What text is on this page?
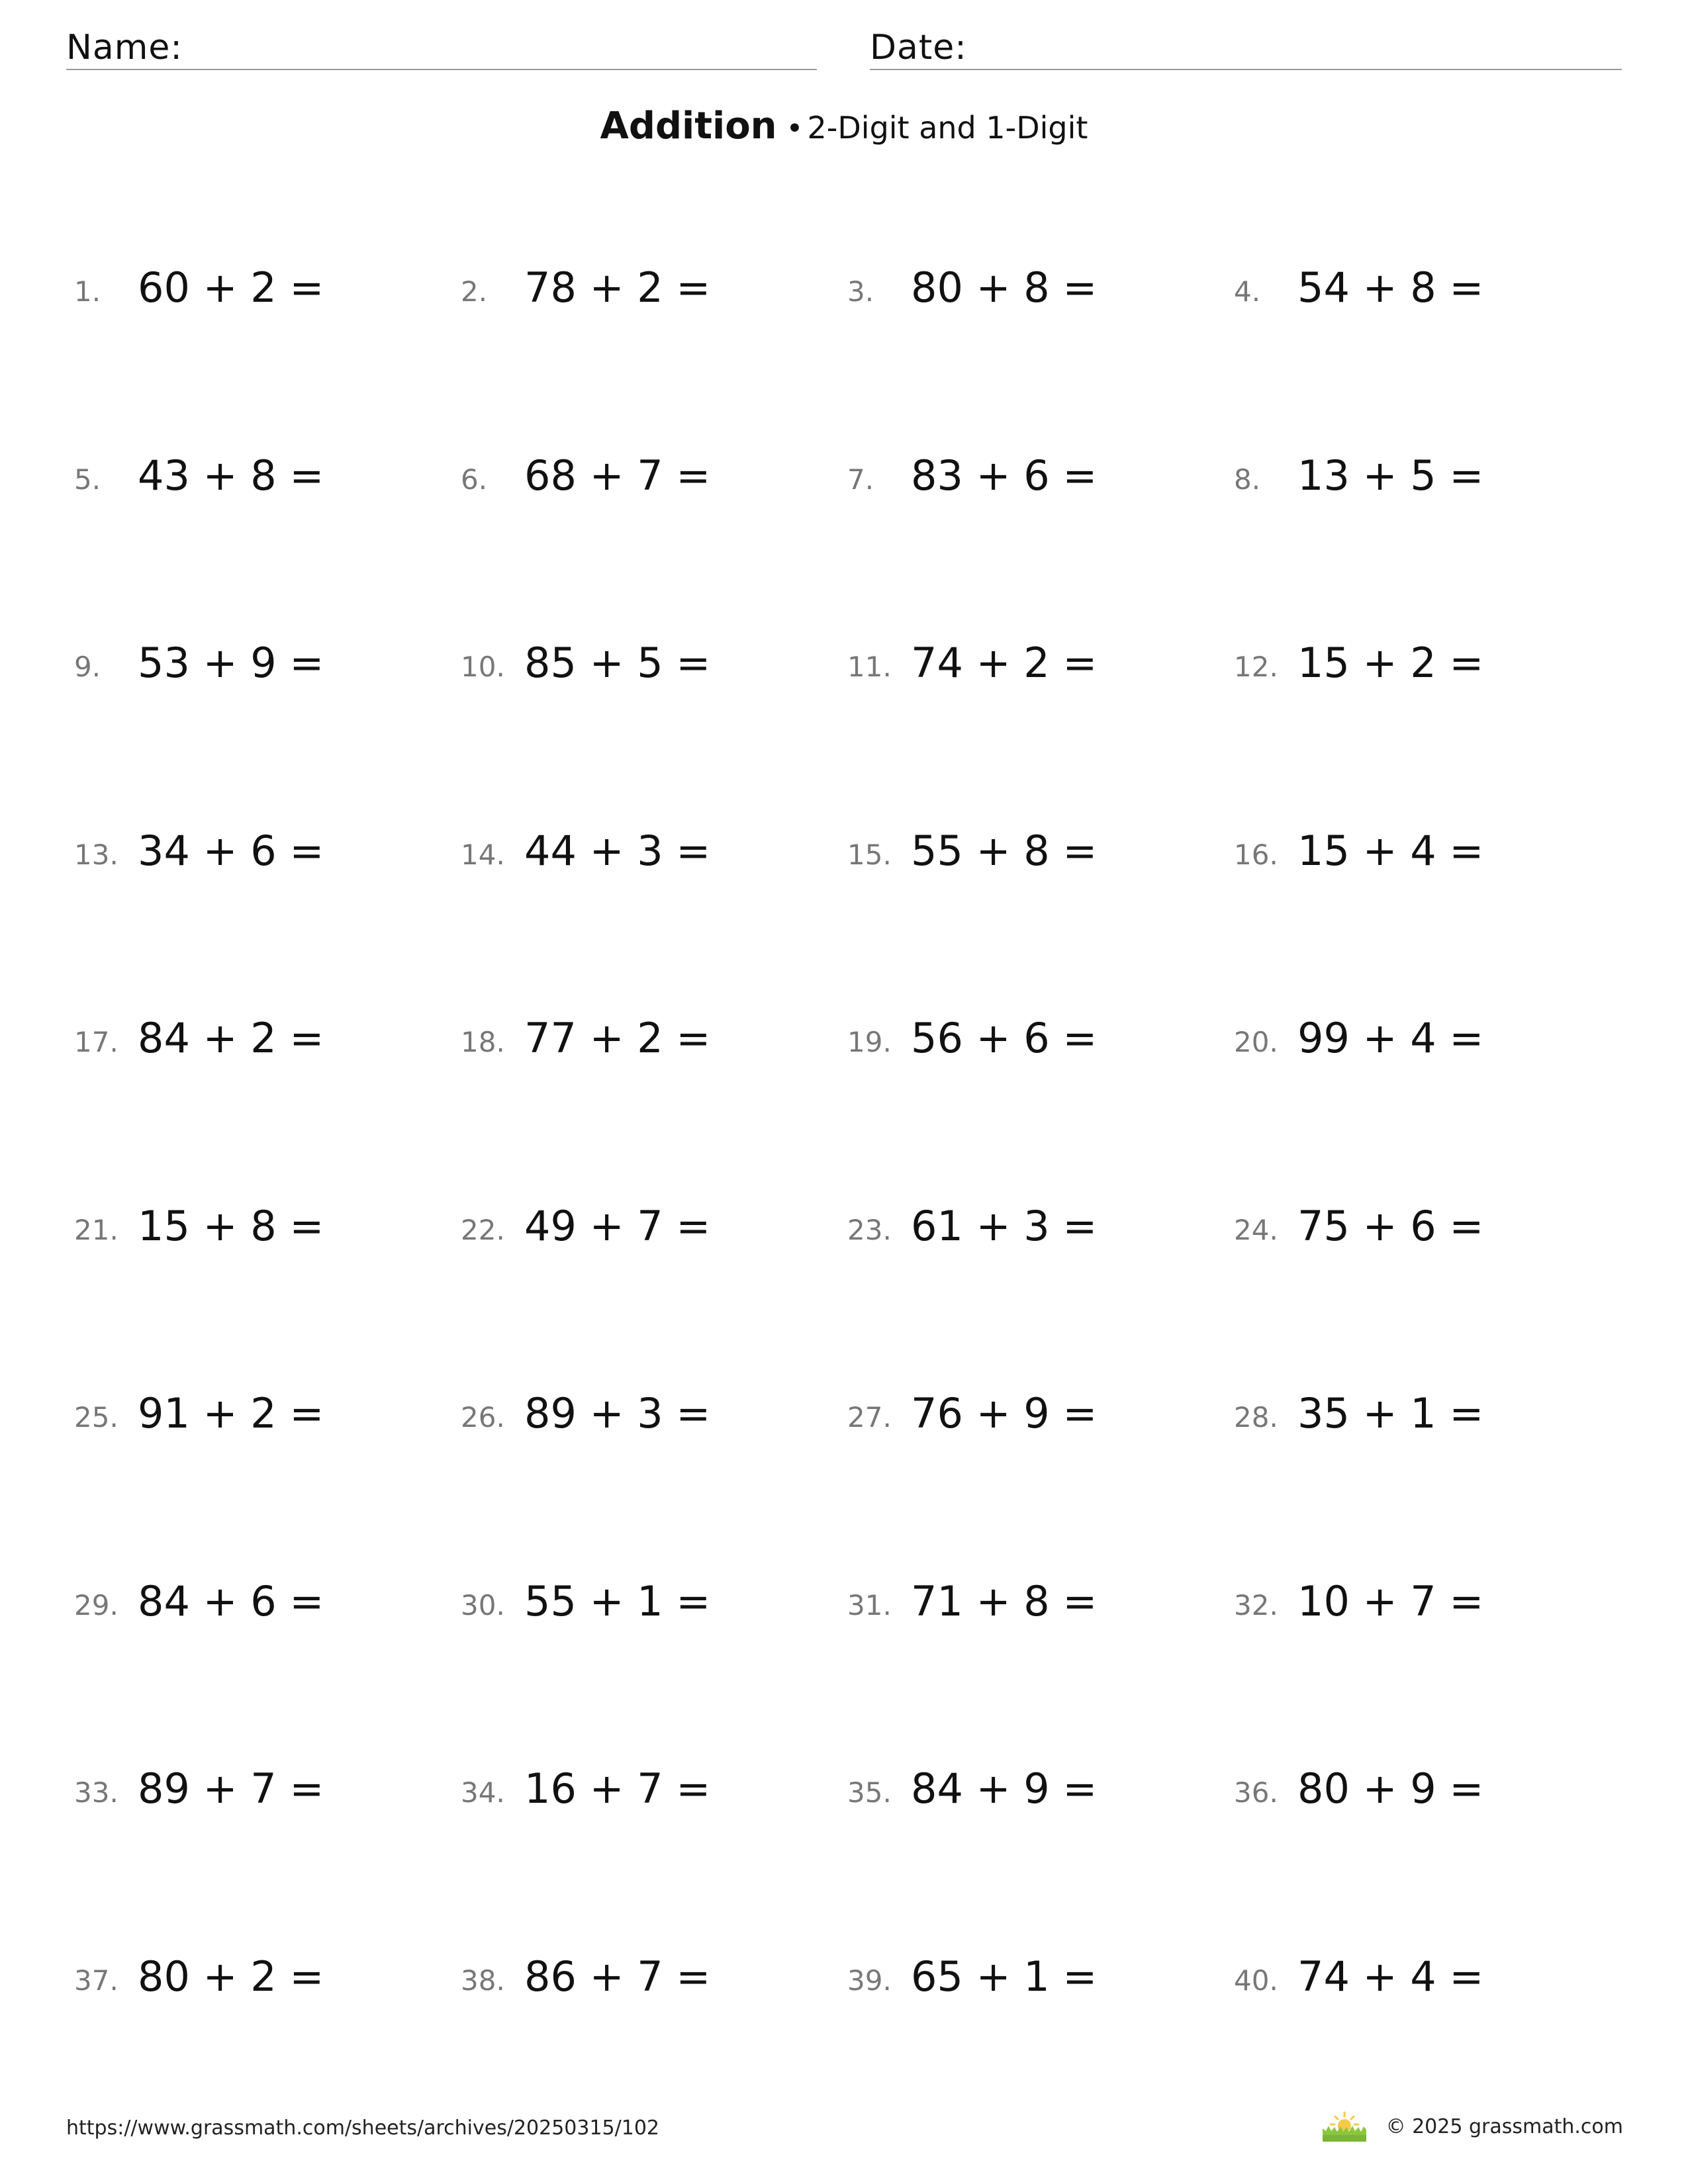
Name:	Date:
Addition • 2-Digit and 1-Digit
1. 60 + 2 =	2. 78 + 2 =	3. 80 + 8 =	4. 54 + 8 =
5. 43 + 8 =	6. 68 + 7 =	7. 83 + 6 =	8. 13 + 5 =
9. 53 + 9 =	10. 85 + 5 =	11. 74 + 2 =	12. 15 + 2 =
13. 34 + 6 =	14. 44 + 3 =	15. 55 + 8 =	16. 15 + 4 =
17. 84 + 2 =	18. 77 + 2 =	19. 56 + 6 =	20. 99 + 4 =
21. 15 + 8 =	22. 49 + 7 =	23. 61 + 3 =	24. 75 + 6 =
25. 91 + 2 =	26. 89 + 3 =	27. 76 + 9 =	28. 35 + 1 =
29. 84 + 6 =	30. 55 + 1 =	31. 71 + 8 =	32. 10 + 7 =
33. 89 + 7 =	34. 16 + 7 =	35. 84 + 9 =	36. 80 + 9 =
37. 80 + 2 =	38. 86 + 7 =	39. 65 + 1 =	40. 74 + 4 =
https://www.grassmath.com/sheets/archives/20250315/102	© 2025 grassmath.com
